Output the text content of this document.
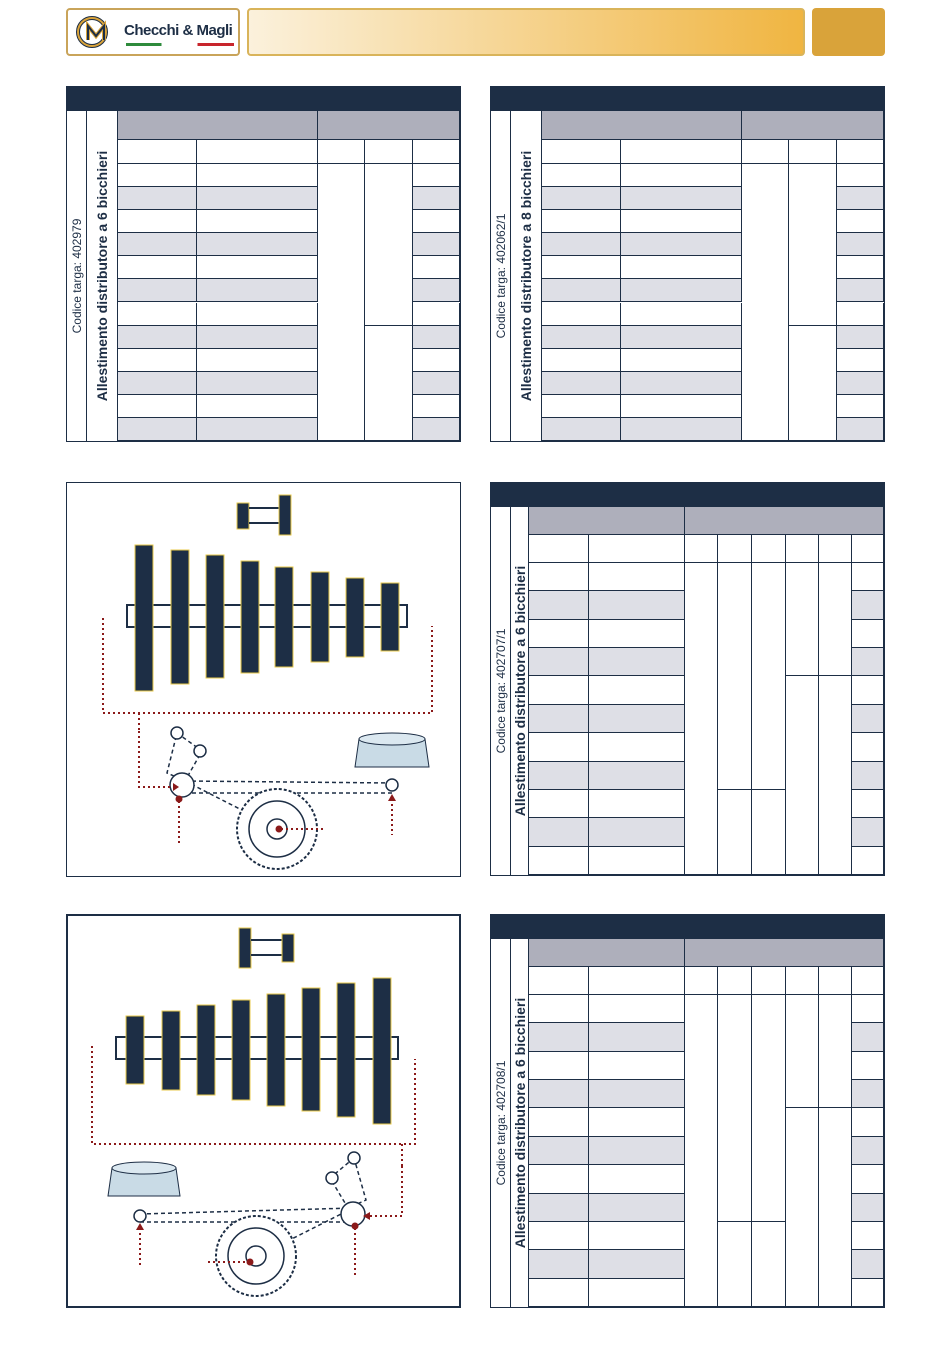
Checchi & Magli
Codice targa: 402979 Allestimento distributore a 6 bicchieri	Codice targa: 402062/1 Allestimento distributore a 8 bicchieri
Codice targa: 402707/1 Allestimento distributore a 6 bicchieri
Codice targa: 402708/1 Allestimento distributore a 6 bicchieri
